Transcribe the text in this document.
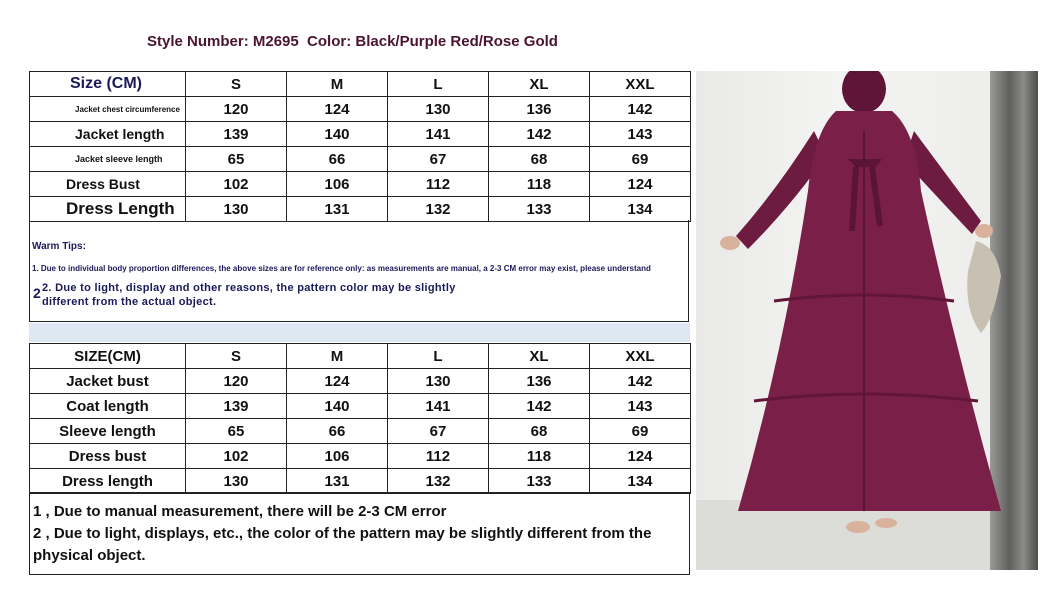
Style Number: M2695  Color: Black/Purple Red/Rose Gold
Size (CM)	S	M	L	XL	XXL
Jacket chest circumference	120	124	130	136	142
Jacket length	139	140	141	142	143
Jacket sleeve length	65	66	67	68	69
Dress Bust	102	106	112	118	124
Dress Length	130	131	132	133	134
Warm Tips:
1. Due to individual body proportion differences, the above sizes are for reference only: as measurements are manual, a 2-3 CM error may exist, please understand
2 2. Due to light, display and other reasons, the pattern color may be slightly different from the actual object.
SIZE(CM)	S	M	L	XL	XXL
Jacket bust	120	124	130	136	142
Coat length	139	140	141	142	143
Sleeve length	65	66	67	68	69
Dress bust	102	106	112	118	124
Dress length	130	131	132	133	134

1 , Due to manual measurement, there will be 2-3 CM error

2 , Due to light, displays, etc., the color of the pattern may be slightly different from the physical object.
